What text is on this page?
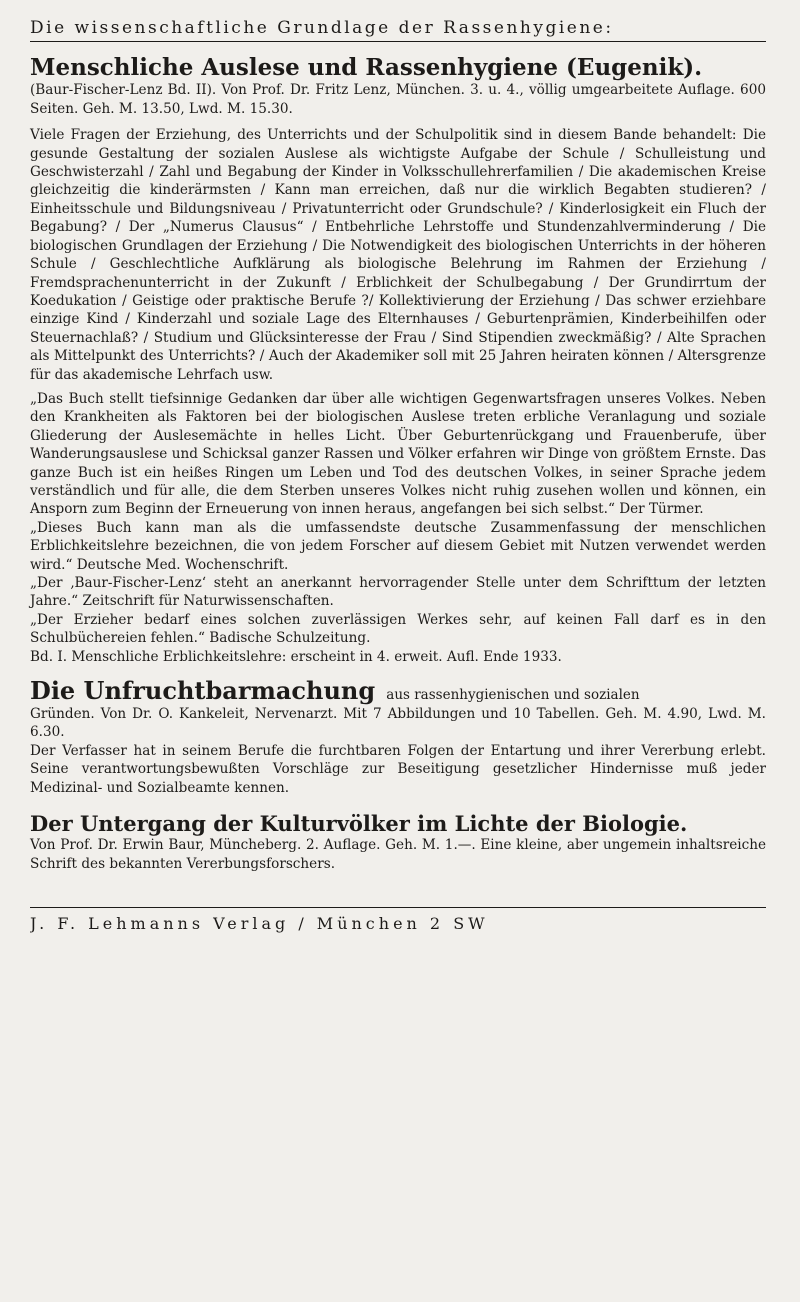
Die wissenschaftliche Grundlage der Rassenhygiene:
Menschliche Auslese und Rassenhygiene (Eugenik).

(Baur-Fischer-Lenz Bd. II). Von Prof. Dr. Fritz Lenz, München. 3. u. 4., völlig umgearbeitete Auflage. 600 Seiten. Geh. M. 13.50, Lwd. M. 15.30.

Viele Fragen der Erziehung, des Unterrichts und der Schulpolitik sind in diesem Bande behandelt: Die gesunde Gestaltung der sozialen Auslese als wichtigste Aufgabe der Schule / Schulleistung und Geschwisterzahl / Zahl und Begabung der Kinder in Volksschullehrerfamilien / Die akademischen Kreise gleichzeitig die kinderärmsten / Kann man erreichen, daß nur die wirklich Begabten studieren? / Einheitsschule und Bildungsniveau / Privatunterricht oder Grundschule? / Kinderlosigkeit ein Fluch der Begabung? / Der „Numerus Clausus“ / Entbehrliche Lehrstoffe und Stundenzahlverminderung / Die biologischen Grundlagen der Erziehung / Die Notwendigkeit des biologischen Unterrichts in der höheren Schule / Geschlechtliche Aufklärung als biologische Belehrung im Rahmen der Erziehung / Fremdsprachenunterricht in der Zukunft / Erblichkeit der Schulbegabung / Der Grundirrtum der Koedukation / Geistige oder praktische Berufe ?/ Kollektivierung der Erziehung / Das schwer erziehbare einzige Kind / Kinderzahl und soziale Lage des Elternhauses / Geburtenprämien, Kinderbeihilfen oder Steuernachlaß? / Studium und Glücksinteresse der Frau / Sind Stipendien zweckmäßig? / Alte Sprachen als Mittelpunkt des Unterrichts? / Auch der Akademiker soll mit 25 Jahren heiraten können / Altersgrenze für das akademische Lehrfach usw.

„Das Buch stellt tiefsinnige Gedanken dar über alle wichtigen Gegenwartsfragen unseres Volkes. Neben den Krankheiten als Faktoren bei der biologischen Auslese treten erbliche Veranlagung und soziale Gliederung der Auslesemächte in helles Licht. Über Geburtenrückgang und Frauenberufe, über Wanderungsauslese und Schicksal ganzer Rassen und Völker erfahren wir Dinge von größtem Ernste. Das ganze Buch ist ein heißes Ringen um Leben und Tod des deutschen Volkes, in seiner Sprache jedem verständlich und für alle, die dem Sterben unseres Volkes nicht ruhig zusehen wollen und können, ein Ansporn zum Beginn der Erneuerung von innen heraus, angefangen bei sich selbst.“ Der Türmer.

„Dieses Buch kann man als die umfassendste deutsche Zusammenfassung der menschlichen Erblichkeitslehre bezeichnen, die von jedem Forscher auf diesem Gebiet mit Nutzen verwendet werden wird.“ Deutsche Med. Wochenschrift.

„Der ‚Baur-Fischer-Lenz‘ steht an anerkannt hervorragender Stelle unter dem Schrifttum der letzten Jahre.“ Zeitschrift für Naturwissenschaften.

„Der Erzieher bedarf eines solchen zuverlässigen Werkes sehr, auf keinen Fall darf es in den Schulbüchereien fehlen.“ Badische Schulzeitung.

Bd. I. Menschliche Erblichkeitslehre: erscheint in 4. erweit. Aufl. Ende 1933.

Die Unfruchtbarmachung aus rassenhygienischen und sozialen

Gründen. Von Dr. O. Kankeleit, Nervenarzt. Mit 7 Abbildungen und 10 Tabellen. Geh. M. 4.90, Lwd. M. 6.30.

Der Verfasser hat in seinem Berufe die furchtbaren Folgen der Entartung und ihrer Vererbung erlebt. Seine verantwortungsbewußten Vorschläge zur Beseitigung gesetzlicher Hindernisse muß jeder Medizinal- und Sozialbeamte kennen.

Der Untergang der Kulturvölker im Lichte der Biologie.

Von Prof. Dr. Erwin Baur, Müncheberg. 2. Auflage. Geh. M. 1.—. Eine kleine, aber ungemein inhaltsreiche Schrift des bekannten Vererbungsforschers.

J. F. Lehmanns Verlag / München 2 SW
